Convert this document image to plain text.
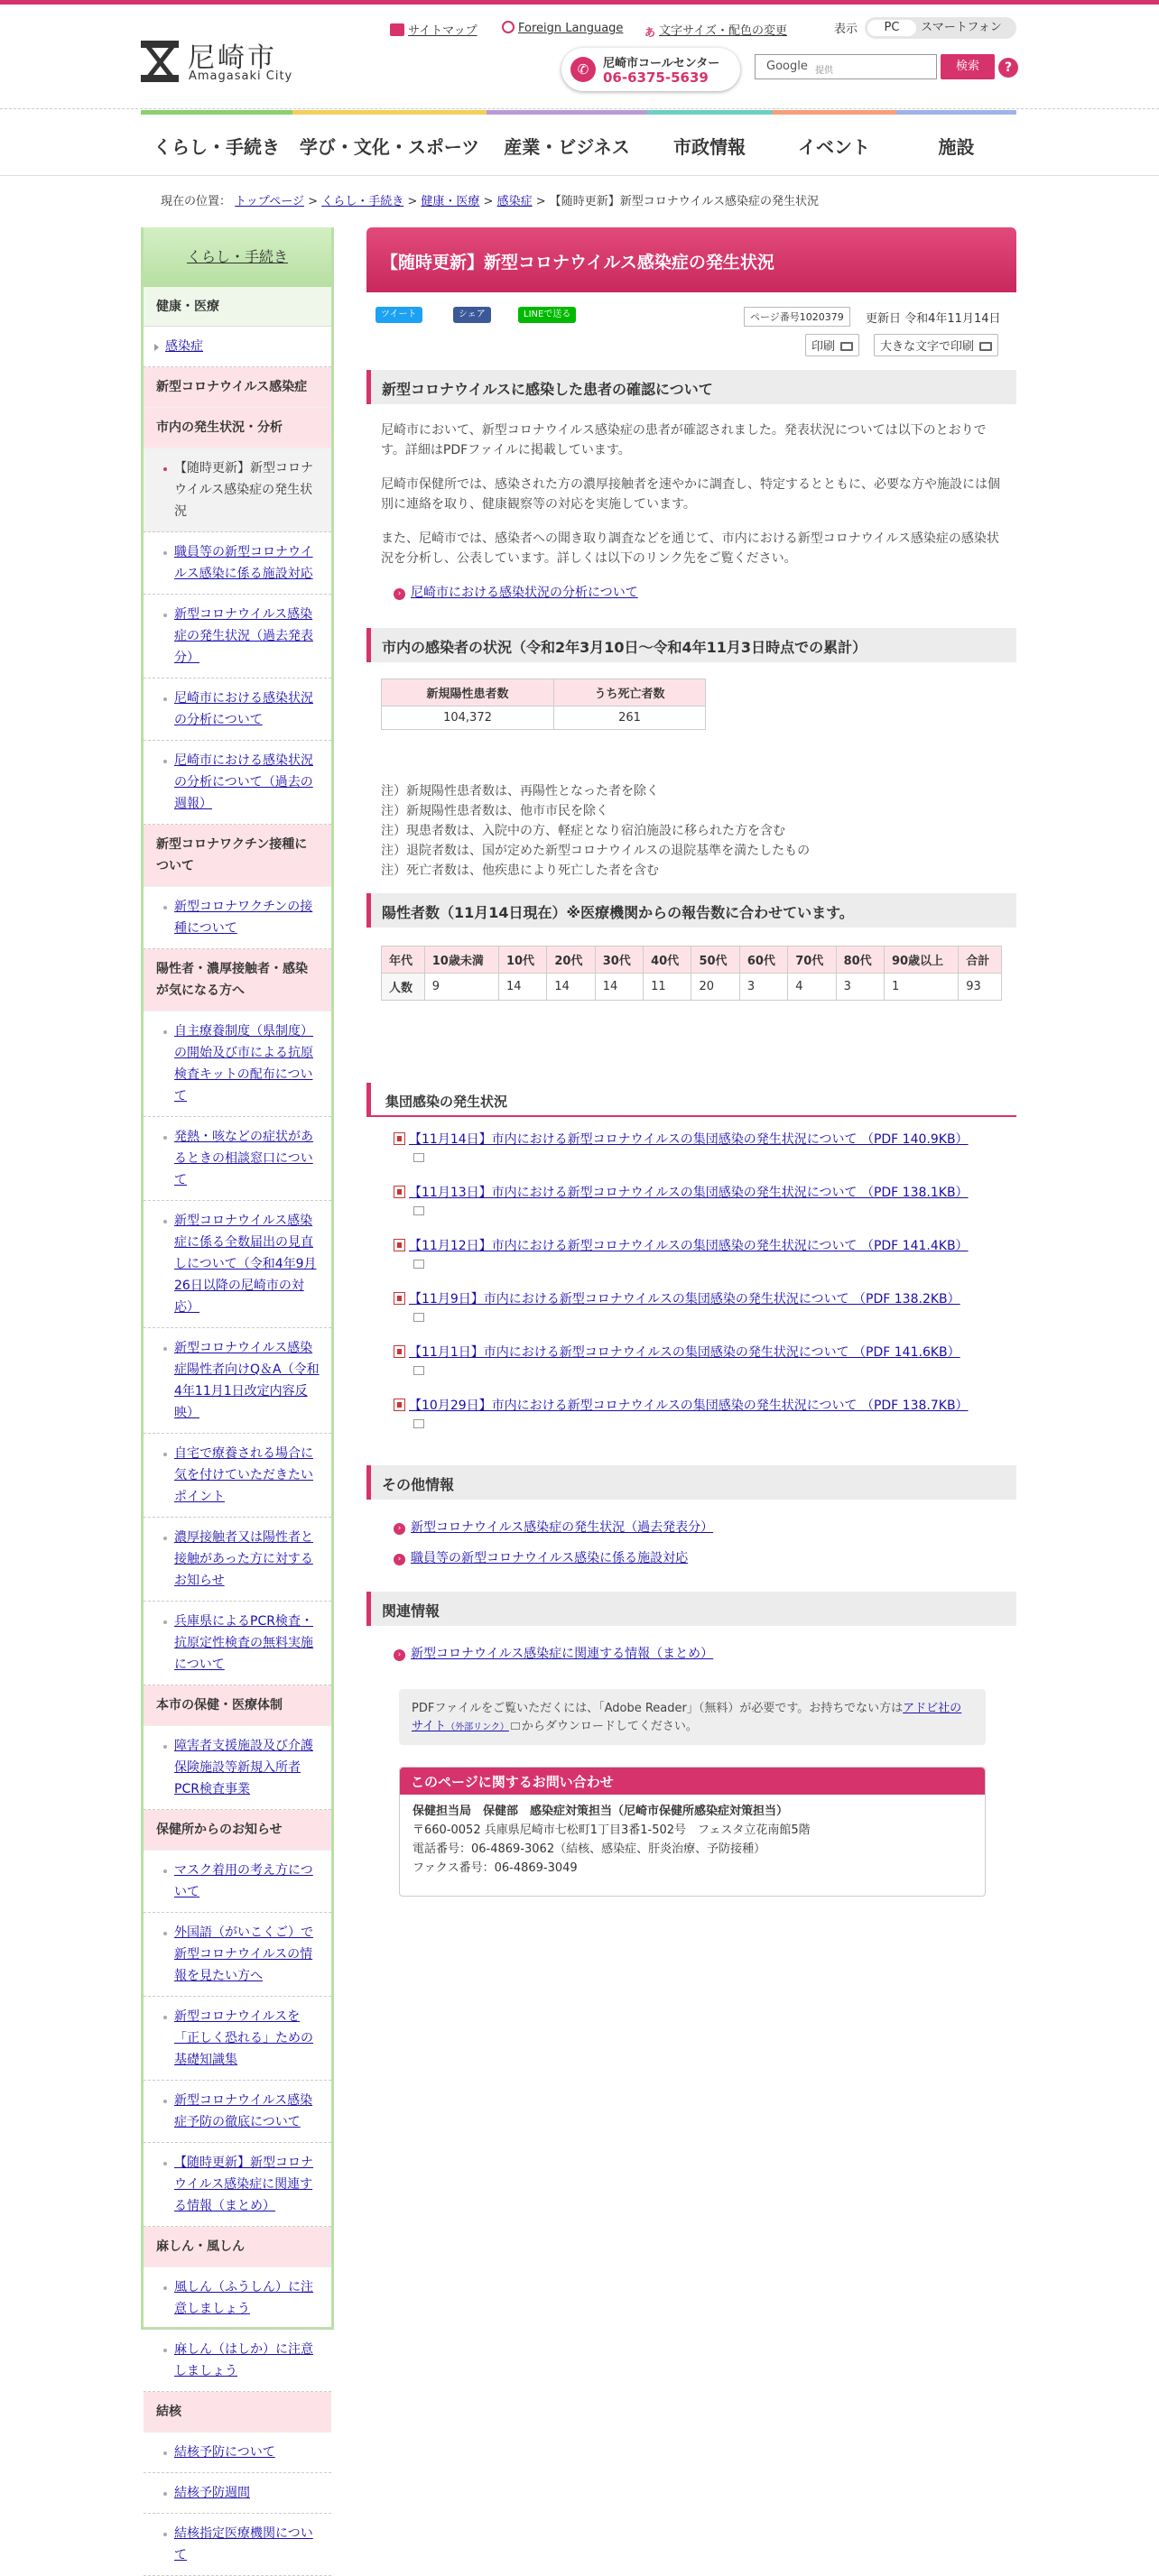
尼崎市
Amagasaki City
サイトマップ	Foreign Language あ 文字サイズ・配色の変更	表示	PC	スマートフォン
✆	尼崎市コールセンター
06-6375-5639
Google 提供	検索	?
くらし・手続き	学び・文化・スポーツ	産業・ビジネス	市政情報	イベント	施設
現在の位置： トップページ > くらし・手続き > 健康・医療 > 感染症 > 【随時更新】新型コロナウイルス感染症の発生状況
くらし・手続き
健康・医療
感染症
新型コロナウイルス感染症
市内の発生状況・分析
【随時更新】新型コロナウイルス感染症の発生状況
職員等の新型コロナウイルス感染に係る施設対応
新型コロナウイルス感染症の発生状況（過去発表分）
尼崎市における感染状況の分析について
尼崎市における感染状況の分析について（過去の週報）
新型コロナワクチン接種について
新型コロナワクチンの接種について
陽性者・濃厚接触者・感染が気になる方へ
自主療養制度（県制度）の開始及び市による抗原検査キットの配布について
発熱・咳などの症状があるときの相談窓口について
新型コロナウイルス感染症に係る全数届出の見直しについて（令和4年9月26日以降の尼崎市の対応）
新型コロナウイルス感染症陽性者向けQ＆A（令和4年11月1日改定内容反映）
自宅で療養される場合に気を付けていただきたいポイント
濃厚接触者又は陽性者と接触があった方に対するお知らせ
兵庫県によるPCR検査・抗原定性検査の無料実施について
本市の保健・医療体制
障害者支援施設及び介護保険施設等新規入所者PCR検査事業
保健所からのお知らせ
マスク着用の考え方について
外国語（がいこくご）で新型コロナウイルスの情報を見たい方へ
新型コロナウイルスを「正しく恐れる」ための基礎知識集
新型コロナウイルス感染症予防の徹底について
【随時更新】新型コロナウイルス感染症に関連する情報（まとめ）
麻しん・風しん
風しん（ふうしん）に注意しましょう
麻しん（はしか）に注意しましょう
結核
結核予防について
結核予防週間
結核指定医療機関について
【随時更新】新型コロナウイルス感染症の発生状況
ツイート	シェア	LINEで送る	ページ番号1020379	更新日 令和4年11月14日
印刷	大きな文字で印刷
新型コロナウイルスに感染した患者の確認について
尼崎市において、新型コロナウイルス感染症の患者が確認されました。発表状況については以下のとおりです。詳細はPDFファイルに掲載しています。
尼崎市保健所では、感染された方の濃厚接触者を速やかに調査し、特定するとともに、必要な方や施設には個別に連絡を取り、健康観察等の対応を実施しています。
また、尼崎市では、感染者への聞き取り調査などを通じて、市内における新型コロナウイルス感染症の感染状況を分析し、公表しています。詳しくは以下のリンク先をご覧ください。
› 尼崎市における感染状況の分析について
市内の感染者の状況（令和2年3月10日～令和4年11月3日時点での累計）
新規陽性患者数	うち死亡者数
104,372	261
注）新規陽性患者数は、再陽性となった者を除く
注）新規陽性患者数は、他市市民を除く
注）現患者数は、入院中の方、軽症となり宿泊施設に移られた方を含む
注）退院者数は、国が定めた新型コロナウイルスの退院基準を満たしたもの
注）死亡者数は、他疾患により死亡した者を含む
陽性者数（11月14日現在）※医療機関からの報告数に合わせています。
年代	10歳未満	10代	20代	30代	40代	50代	60代	70代	80代	90歳以上	合計
人数	9	14	14	14	11	20	3	4	3	1	93
集団感染の発生状況
【11月14日】市内における新型コロナウイルスの集団感染の発生状況について （PDF 140.9KB）
【11月13日】市内における新型コロナウイルスの集団感染の発生状況について （PDF 138.1KB）
【11月12日】市内における新型コロナウイルスの集団感染の発生状況について （PDF 141.4KB）
【11月9日】市内における新型コロナウイルスの集団感染の発生状況について （PDF 138.2KB）
【11月1日】市内における新型コロナウイルスの集団感染の発生状況について （PDF 141.6KB）
【10月29日】市内における新型コロナウイルスの集団感染の発生状況について （PDF 138.7KB）
その他情報
› 新型コロナウイルス感染症の発生状況（過去発表分）
› 職員等の新型コロナウイルス感染に係る施設対応
関連情報
› 新型コロナウイルス感染症に関連する情報（まとめ）
PDFファイルをご覧いただくには、「Adobe Reader」（無料）が必要です。お持ちでない方はアドビ社のサイト（外部リンク） からダウンロードしてください。
このページに関するお問い合わせ
保健担当局　保健部　感染症対策担当（尼崎市保健所感染症対策担当）
〒660-0052 兵庫県尼崎市七松町1丁目3番1-502号　フェスタ立花南館5階
電話番号：06-4869-3062（結核、感染症、肝炎治療、予防接種）
ファクス番号：06-4869-3049
